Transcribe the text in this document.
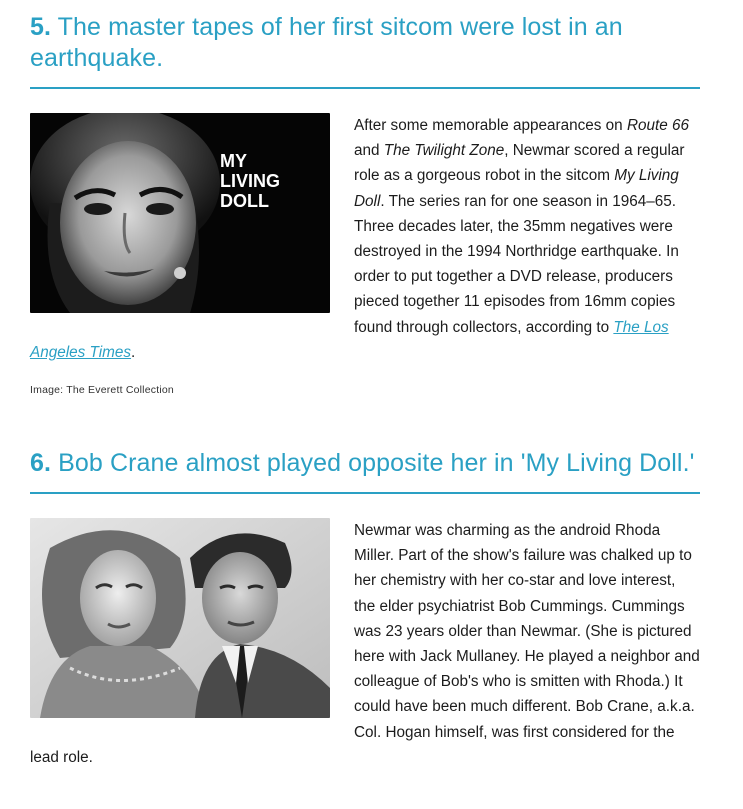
5. The master tapes of her first sitcom were lost in an earthquake.
MY
LIVING
DOLL

After some memorable appearances on Route 66 and The Twilight Zone, Newmar scored a regular role as a gorgeous robot in the sitcom My Living Doll. The series ran for one season in 1964–65. Three decades later, the 35mm negatives were destroyed in the 1994 Northridge earthquake. In order to put together a DVD release, producers pieced together 11 episodes from 16mm copies found through collectors, according to The Los Angeles Times.

Image: The Everett Collection
6. Bob Crane almost played opposite her in 'My Living Doll.'

Newmar was charming as the android Rhoda Miller. Part of the show's failure was chalked up to her chemistry with her co-star and love interest, the elder psychiatrist Bob Cummings. Cummings was 23 years older than Newmar. (She is pictured here with Jack Mullaney. He played a neighbor and colleague of Bob's who is smitten with Rhoda.) It could have been much different. Bob Crane, a.k.a. Col. Hogan himself, was first considered for the lead role.
